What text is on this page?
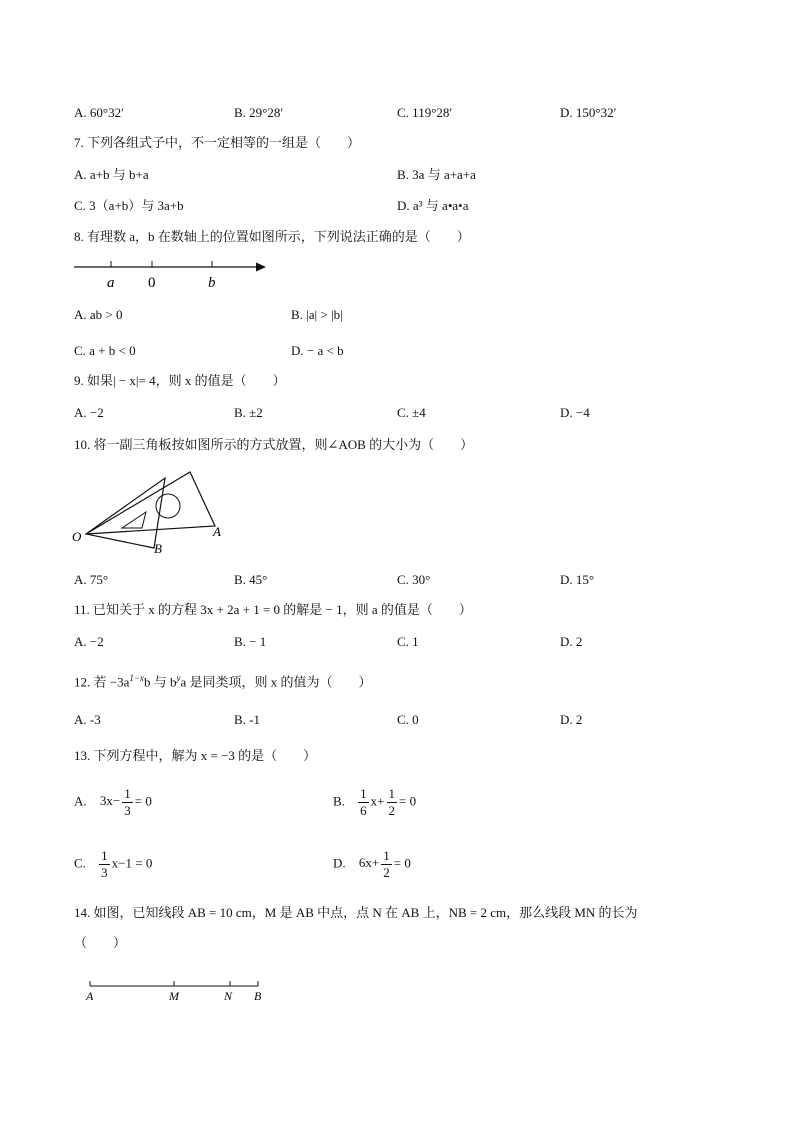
A. 60°32′	B. 29°28′	C. 119°28′	D. 150°32′
7. 下列各组式子中，不一定相等的一组是（　　）
A. a+b 与 b+a	B. 3a 与 a+a+a
C. 3（a+b）与 3a+b	D. a³ 与 a•a•a
8. 有理数 a，b 在数轴上的位置如图所示，下列说法正确的是（　　）
a 0	b
A. ab > 0	B. |a| > |b|
C. a + b < 0	D. − a < b
9. 如果| − x|= 4，则 x 的值是（　　）
A. −2	B. ±2	C. ±4	D. −4
10. 将一副三角板按如图所示的方式放置，则∠AOB 的大小为（　　）
O
B
A
A. 75°	B. 45°	C. 30°	D. 15°
11. 已知关于 x 的方程 3x + 2a + 1 = 0 的解是 − 1，则 a 的值是（　　）
A. −2	B. − 1	C. 1	D. 2
12. 若 $-3a^{1-x}b$ 与 $b^ya$ 是同类项，则 x 的值为（　　）
A. -3	B. -1	C. 0	D. 2
13. 下列方程中，解为 x = −3 的是（　　）
A. $3x- \frac{1}{3} = 0$	B. $\frac{1}{6} x+ \frac{1}{2} = 0$
C. $\frac{1}{3} x-1 = 0$	D. $6x+ \frac{1}{2} = 0$
14. 如图，已知线段 AB = 10 cm，M 是 AB 中点，点 N 在 AB 上，NB = 2 cm，那么线段 MN 的长为
（　　）
A	M	N B
